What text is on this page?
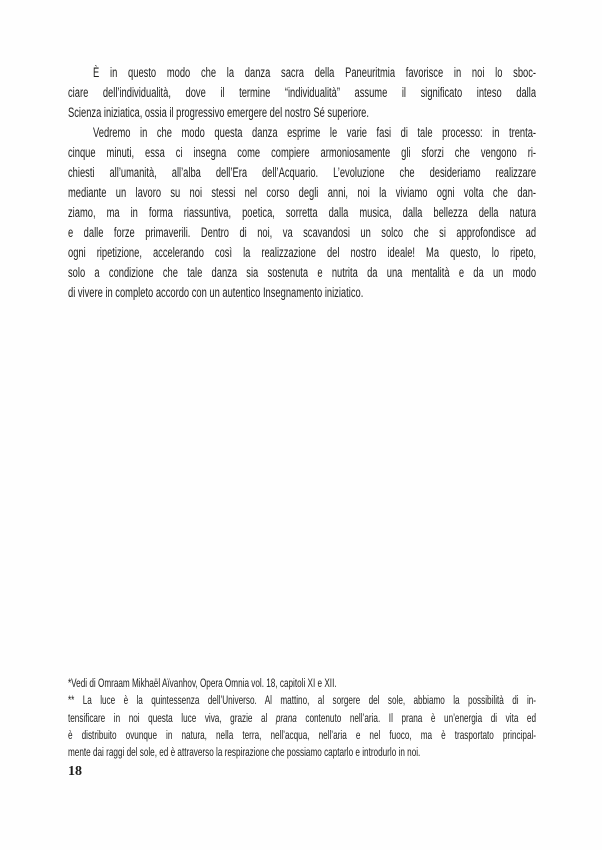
È in questo modo che la danza sacra della Paneuritmia favorisce in noi lo sboc-
ciare dell’individualità, dove il termine “individualità” assume il significato inteso dalla
Scienza iniziatica, ossia il progressivo emergere del nostro Sé superiore.
Vedremo in che modo questa danza esprime le varie fasi di tale processo: in trenta-
cinque minuti, essa ci insegna come compiere armoniosamente gli sforzi che vengono ri-
chiesti all’umanità, all’alba dell’Era dell’Acquario. L’evoluzione che desideriamo realizzare
mediante un lavoro su noi stessi nel corso degli anni, noi la viviamo ogni volta che dan-
ziamo, ma in forma riassuntiva, poetica, sorretta dalla musica, dalla bellezza della natura
e dalle forze primaverili. Dentro di noi, va scavandosi un solco che si approfondisce ad
ogni ripetizione, accelerando così la realizzazione del nostro ideale! Ma questo, lo ripeto,
solo a condizione che tale danza sia sostenuta e nutrita da una mentalità e da un modo
di vivere in completo accordo con un autentico Insegnamento iniziatico.
*Vedi di Omraam Mikhaël Aïvanhov, Opera Omnia vol. 18, capitoli XI e XII.
** La luce è la quintessenza dell’Universo. Al mattino, al sorgere del sole, abbiamo la possibilità di in-
tensificare in noi questa luce viva, grazie al prana contenuto nell’aria. Il prana è un’energia di vita ed
è distribuito ovunque in natura, nella terra, nell’acqua, nell’aria e nel fuoco, ma è trasportato principal-
mente dai raggi del sole, ed è attraverso la respirazione che possiamo captarlo e introdurlo in noi.
18
